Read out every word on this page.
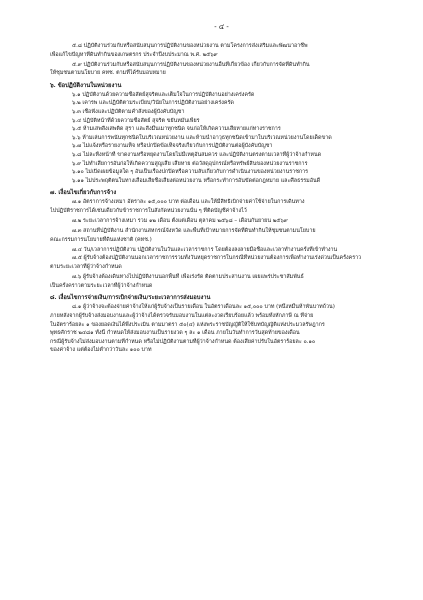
- ๔ -
๕.๘ ปฏิบัติงานร่วมกับหรือสนับสนุนการปฏิบัติงานของหน่วยงาน ตามโครงการส่งเสริมและพัฒนาอาชีพ
เพื่อแก้ไขปัญหาที่ดินทำกินของเกษตรกร ประจำปีงบประมาณ พ.ศ. ๒๕๖๙
๕.๙ ปฏิบัติงานร่วมกับหรือสนับสนุนการปฏิบัติงานของหน่วยงานอื่นที่เกี่ยวข้อง เกี่ยวกับการจัดที่ดินทำกิน
ให้ชุมชนตามนโยบาย คทช. ตามที่ได้รับมอบหมาย
๖. ข้อปฏิบัติงานในหน่วยงาน
๖.๑ ปฏิบัติงานด้วยความซื่อสัตย์สุจริตและเต็มใจในการปฏิบัติงานอย่างเคร่งครัด
๖.๒ เคารพ และปฏิบัติตามระเบียบ/วินัยในการปฏิบัติงานอย่างเคร่งครัด
๖.๓ เชื่อฟังและปฏิบัติตามคำสั่งของผู้บังคับบัญชา
๖.๔ ปฏิบัติหน้าที่ด้วยความซื่อสัตย์ สุจริต ขยันหมั่นเพียร
๖.๕ ห้ามเสพสิ่งเสพติด สุรา และสิ่งมึนเมาทุกชนิด จนก่อให้เกิดความเสียหายแก่ทางราชการ
๖.๖ ห้ามเล่นการพนันทุกชนิดในบริเวณหน่วยงาน และห้ามนำอาวุธทุกชนิดเข้ามาในบริเวณหน่วยงานโดยเด็ดขาด
๖.๗ ไม่แจ้งหรือรายงานเท็จ หรือปกปิดข้อเท็จจริงเกี่ยวกับการปฏิบัติงานต่อผู้บังคับบัญชา
๖.๘ ไม่ละทิ้งหน้าที่ ขาดงานหรือหยุดงานโดยไม่มีเหตุอันสมควร และปฏิบัติงานตรงตามเวลาที่ผู้ว่าจ้างกำหนด
๖.๙ ไม่ทำเสียการอันก่อให้เกิดความสูญเสีย เสียหาย ต่อวัสดุอุปกรณ์หรือทรัพย์สินของหน่วยงานราชการ
๖.๑๐ ไม่เปิดเผยข้อมูลใด ๆ อันเป็นเรื่องปกปิดหรือความลับเกี่ยวกับการดำเนินงานของหน่วยงานราชการ
๖.๑๑ ไม่ประพฤติตนในทางเสื่อมเสียชื่อเสียงต่อหน่วยงาน หรือกระทำการอันขัดต่อกฎหมาย และศีลธรรมอันดี
๗. เงื่อนไขเกี่ยวกับการจ้าง
๗.๑ อัตราการจ้างเหมา อัตราละ ๑๕,๐๐๐ บาท ต่อเดือน และให้มีสิทธิเบิกจ่ายค่าใช้จ่ายในการเดินทาง
ไปปฏิบัติราชการได้เช่นเดียวกับข้าราชการในสังกัดหน่วยงานนั้น ๆ ที่ติดบัญชีค่าจ้างไว้
๗.๒ ระยะเวลาการจ้างเหมา รวม ๑๒ เดือน ตั้งแต่เดือน ตุลาคม ๒๕๖๘ – เดือนกันยายน ๒๕๖๙
๗.๓ สถานที่ปฏิบัติงาน สำนักงานสหกรณ์จังหวัด และพื้นที่เป้าหมายการจัดที่ดินทำกินให้ชุมชนตามนโยบาย
คณะกรรมการนโยบายที่ดินแห่งชาติ (คทช.)
๗.๔ วัน/เวลาการปฏิบัติงาน ปฏิบัติงานในวันและเวลาราชการ โดยต้องลงลายมือชื่อและเวลาทำงานครั้งที่เข้าทำงาน
๗.๕ ผู้รับจ้างต้องปฏิบัติงานนอกเวลาราชการรวมทั้งวันหยุดราชการในกรณีที่หน่วยงานต้องการเพื่อทำงานเร่งด่วนเป็นครั้งคราว
ตามระยะเวลาที่ผู้ว่าจ้างกำหนด
๗.๖ ผู้รับจ้างต้องเดินทางไปปฏิบัติงานนอกพื้นที่ เพื่อเร่งรัด ติดตามประสานงาน เผยแพร่ประชาสัมพันธ์
เป็นครั้งคราวตามระยะเวลาที่ผู้ว่าจ้างกำหนด
๘. เงื่อนไขการจ่ายเงิน/การเบิกจ่ายเงิน/ระยะเวลาการส่งมอบงาน
๘.๑ ผู้ว่าจ้างจะต้องจ่ายค่าจ้างให้แก่ผู้รับจ้างเป็นรายเดือน ในอัตราเดือนละ ๑๕,๐๐๐ บาท (หนึ่งหมื่นห้าพันบาทถ้วน)
ภายหลังจากผู้รับจ้างส่งมอบงานและผู้ว่าจ้างได้ตรวจรับมอบงานในแต่ละงวดเรียบร้อยแล้ว พร้อมทั้งหักภาษี ณ ที่จ่าย
ในอัตราร้อยละ ๑ ของยอดเงินได้พึงประเมิน ตามมาตรา ๕๐(๔) แห่งพระราชบัญญัติให้ใช้บทบัญญัติแห่งประมวลรัษฎากร
พุทธศักราช ๒๔๘๑ ทั้งนี้ กำหนดให้ส่งมอบงานเป็นรายงวด ๆ ละ ๑ เดือน ภายในวันทำการวันสุดท้ายของเดือน
กรณีผู้รับจ้างไม่ส่งมอบงานตามที่กำหนด หรือไม่ปฏิบัติงานตามที่ผู้ว่าจ้างกำหนด ต้องเสียค่าปรับในอัตราร้อยละ ๐.๑๐
ของค่าจ้าง แต่ต้องไม่ต่ำกว่าวันละ ๑๐๐ บาท
